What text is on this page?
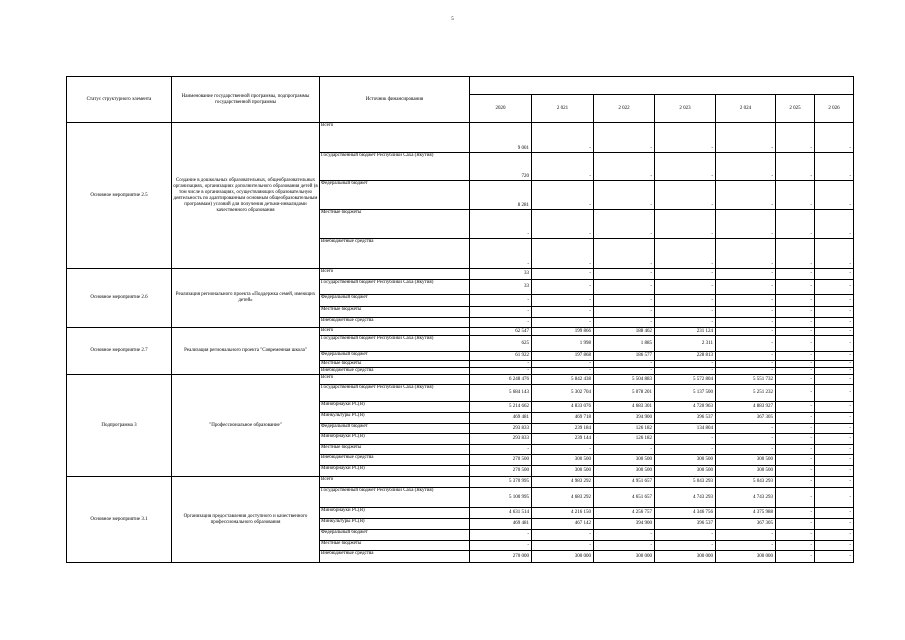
5
Статус структурного элемента	Наименование государственной программы, подпрограммы государственной программы	Источник финансирования							
			2020	2 021	2 022	2 023	2 024	2 025	2 026
Основное мероприятие 2.5	Создание в дошкольных образовательных, общеобразовательных организациях, организациях дополнительного образования детей (в том числе в организациях, осуществляющих образовательную деятельность по адаптированным основным общеобразовательным программам) условий для получения детьми-инвалидами качественного образования	Всего	9 001	-	-	-	-	-	-
		Государственный бюджет Республики Саха (Якутия)	720	-	-	-	-	-	-
		Федеральный бюджет	8 281	-	-	-	-	-	-
		Местные бюджеты	-	-	-	-	-	-	-
		Внебюджетные средства	-	-	-	-	-	-	-
Основное мероприятие 2.6	Реализация регионального проекта «Поддержка семей, имеющих детей»	Всего	33	-	-	-	-	-	-
		Государственный бюджет Республики Саха (Якутия)	33	-	-	-	-	-	-
		Федеральный бюджет	-	-	-	-	-	-	-
		Местные бюджеты	-	-	-	-	-	-	-
		Внебюджетные средства	-	-	-	-	-	-	-
Основное мероприятие 2.7	Реализация регионального проекта "Современная школа"	Всего	62 547	199 866	188 462	231 124	-	-	-
		Государственный бюджет Республики Саха (Якутия)	625	1 998	1 885	2 311	-	-	-
		Федеральный бюджет	61 922	197 868	186 577	228 813	-	-	-
		Местные бюджеты	-	-	-	-	-	-	-
		Внебюджетные средства	-	-	-	-	-	-	-
Подпрограмма 3	"Профессиональное образование"	Всего	6 248 476	5 842 438	5 504 883	5 572 804	5 551 732	-	-
		Государственный бюджет Республики Саха (Якутия)	5 684 143	5 302 704	5 078 201	5 137 500	5 251 232	-	-
		Минобрнауки РС(Я)	5 214 662	4 833 076	4 683 301	4 720 963	4 883 927	-	-
		Минкультуры РС(Я)	469 481	469 718	394 900	396 537	367 305	-	-
		Федеральный бюджет	293 833	239 184	126 182	134 804	-	-	-
		Минобрнауки РС(Я)	293 833	239 144	126 182	-	-	-	-
		Местные бюджеты	-	-	-	-	-	-	-
		Внебюджетные средства	270 500	300 500	300 500	300 500	300 500	-	-
		Минобрнауки РС(Я)	270 500	300 500	300 500	300 500	300 500	-	-
Основное мероприятие 3.1	Организация предоставления доступного и качественного профессионального образования	Всего	5 370 995	4 983 292	4 951 657	5 043 293	5 043 293	-	-
		Государственный бюджет Республики Саха (Якутия)	5 100 995	4 683 292	4 651 657	4 743 293	4 743 293	-	-
		Минобрнауки РС(Я)	4 631 514	4 216 150	4 256 757	4 346 756	4 375 988	-	-
		Минкультуры РС(Я)	469 481	467 142	394 900	396 537	367 305	-	-
		Федеральный бюджет	-	-	-	-	-	-	-
		Местные бюджеты	-	-	-	-	-	-	-
		Внебюджетные средства	270 000	300 000	300 000	300 000	300 000	-	-
